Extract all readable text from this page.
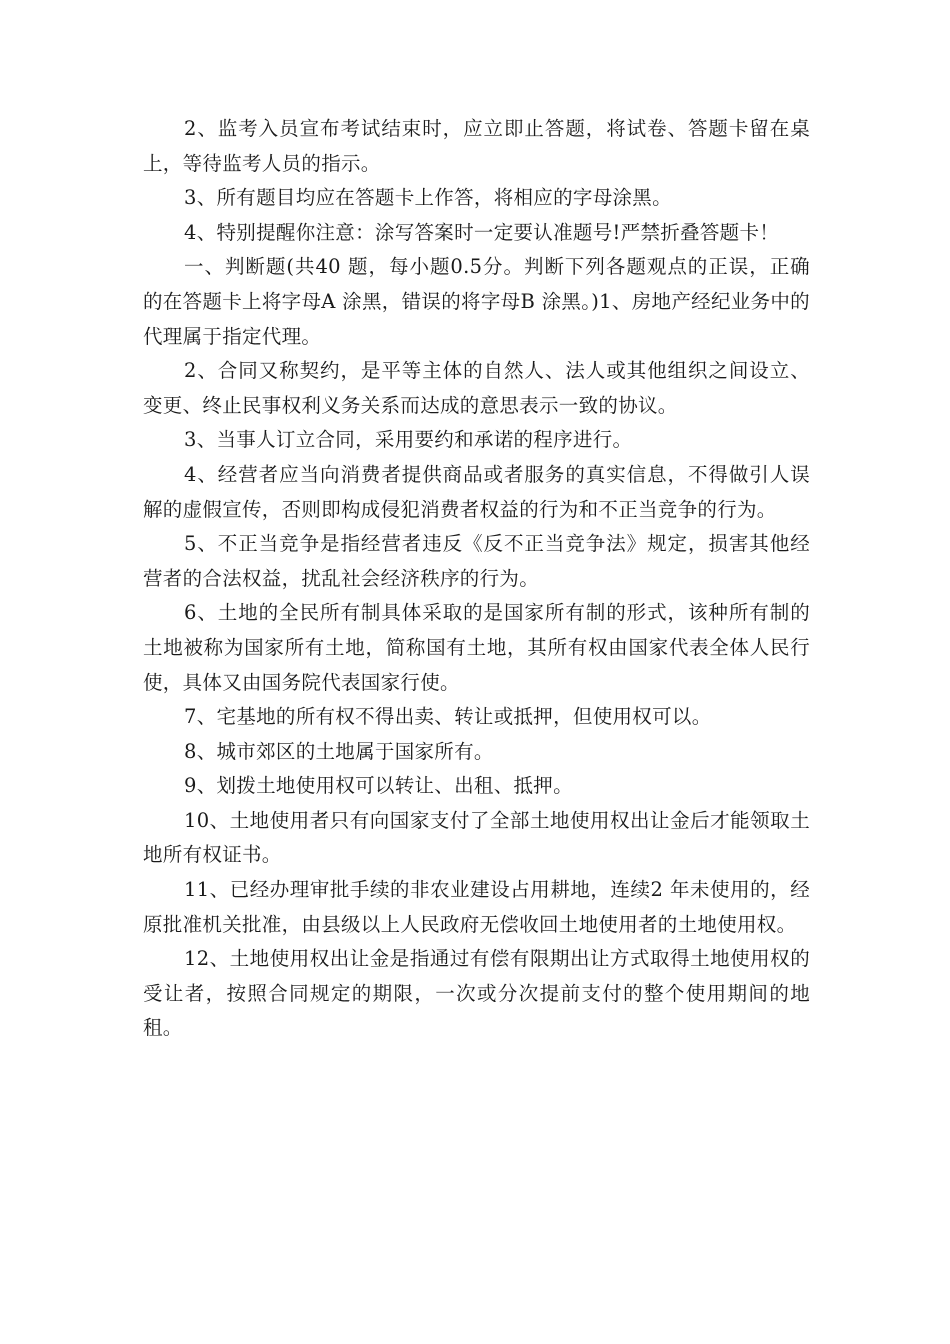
2、监考入员宣布考试结束时，应立即止答题，将试卷、答题卡留在桌上，等待监考人员的指示。

3、所有题目均应在答题卡上作答，将相应的字母涂黑。

4、特别提醒你注意：涂写答案时一定要认准题号!严禁折叠答题卡！

一、判断题(共40 题，每小题0.5分。判断下列各题观点的正误，正确的在答题卡上将字母A 涂黑，错误的将字母B 涂黑。)1、房地产经纪业务中的代理属于指定代理。

2、合同又称契约，是平等主体的自然人、法人或其他组织之间设立、变更、终止民事权利义务关系而达成的意思表示一致的协议。

3、当事人订立合同，采用要约和承诺的程序进行。

4、经营者应当向消费者提供商品或者服务的真实信息，不得做引人误解的虚假宣传，否则即构成侵犯消费者权益的行为和不正当竞争的行为。

5、不正当竞争是指经营者违反《反不正当竞争法》规定，损害其他经营者的合法权益，扰乱社会经济秩序的行为。

6、土地的全民所有制具体采取的是国家所有制的形式，该种所有制的土地被称为国家所有土地，简称国有土地，其所有权由国家代表全体人民行使，具体又由国务院代表国家行使。

7、宅基地的所有权不得出卖、转让或抵押，但使用权可以。

8、城市郊区的土地属于国家所有。

9、划拨土地使用权可以转让、出租、抵押。

10、土地使用者只有向国家支付了全部土地使用权出让金后才能领取土地所有权证书。

11、已经办理审批手续的非农业建设占用耕地，连续2 年未使用的，经原批准机关批准，由县级以上人民政府无偿收回土地使用者的土地使用权。

12、土地使用权出让金是指通过有偿有限期出让方式取得土地使用权的受让者，按照合同规定的期限，一次或分次提前支付的整个使用期间的地租。
